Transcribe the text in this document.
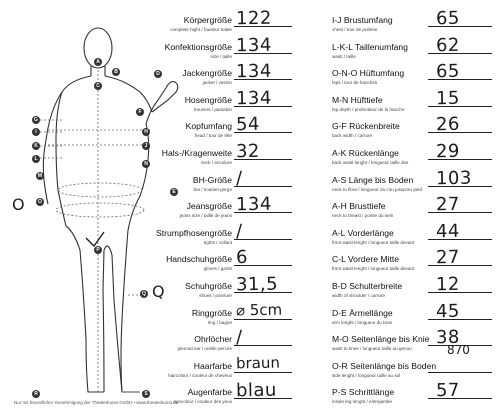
A
B
C
D
E
F
G
H
I
J
K
L
M
N
O
P
Q
R	S
O
Q
Nur mit freundlicher Genehmigung der Theaterkunst GmbH • www.theaterkunst.de
Körpergröße
complete hight / hauteur totale
122
Konfektionsgröße
size / taille
134
Jackengröße
jacket / veston
134
Hosengröße
trousers / pantalon
134
Kopfumfang
head / tour de tête
54
Hals-/Kragenweite
neck / encolure
32
BH-Größe
bra / soutien-gorge
/
Jeansgröße
jeans size / taille de jeans
134
Strumpfhosengröße
tights / collant
/
Handschuhgröße
gloves / gants
6
Schuhgröße
shoes / pointure
31,5
Ringgröße
ring / bague
⌀ 5cm
Ohrlöcher
pierced ear / oreille percée
/
Haarfarbe
haircolour / couleur de cheveux
braun
Augenfarbe
eyecolour / couleur des yeux
blau
I-J Brustumfang
chest / tour de poitrine
65
L-K-L Taillenumfang
waist / taille
62
O-N-O Hüftumfang
hips / tour de hanches
65
M-N Hüfttiefe
hip depth / profondeur de la hanche
15
G-F Rückenbreite
back width / carrure
26
A-K Rückenlänge
back waist lenght / longueur taille dos
29
A-S Länge bis Boden
neck to floor / longueur du cou jusqu'au pied
103
A-H Brusttiefe
neck to breast / pointe du sein
27
A-L Vorderlänge
front waist lenght / longueur taille devant
44
C-L Vordere Mitte
front waist lenght / longueur taille devant
27
B-D Schulterbreite
width of shoulder / carrure
12
D-E Ärmellänge
arm lenght / longueur du bras
45
M-O Seitenlänge bis Knie
waist to knee / longueur taille au genou
38
O-R Seitenlänge bis Boden
side lenght / longueur taille au sol
P-S Schrittlänge
inside leg lenght / entrejambe
57
870
